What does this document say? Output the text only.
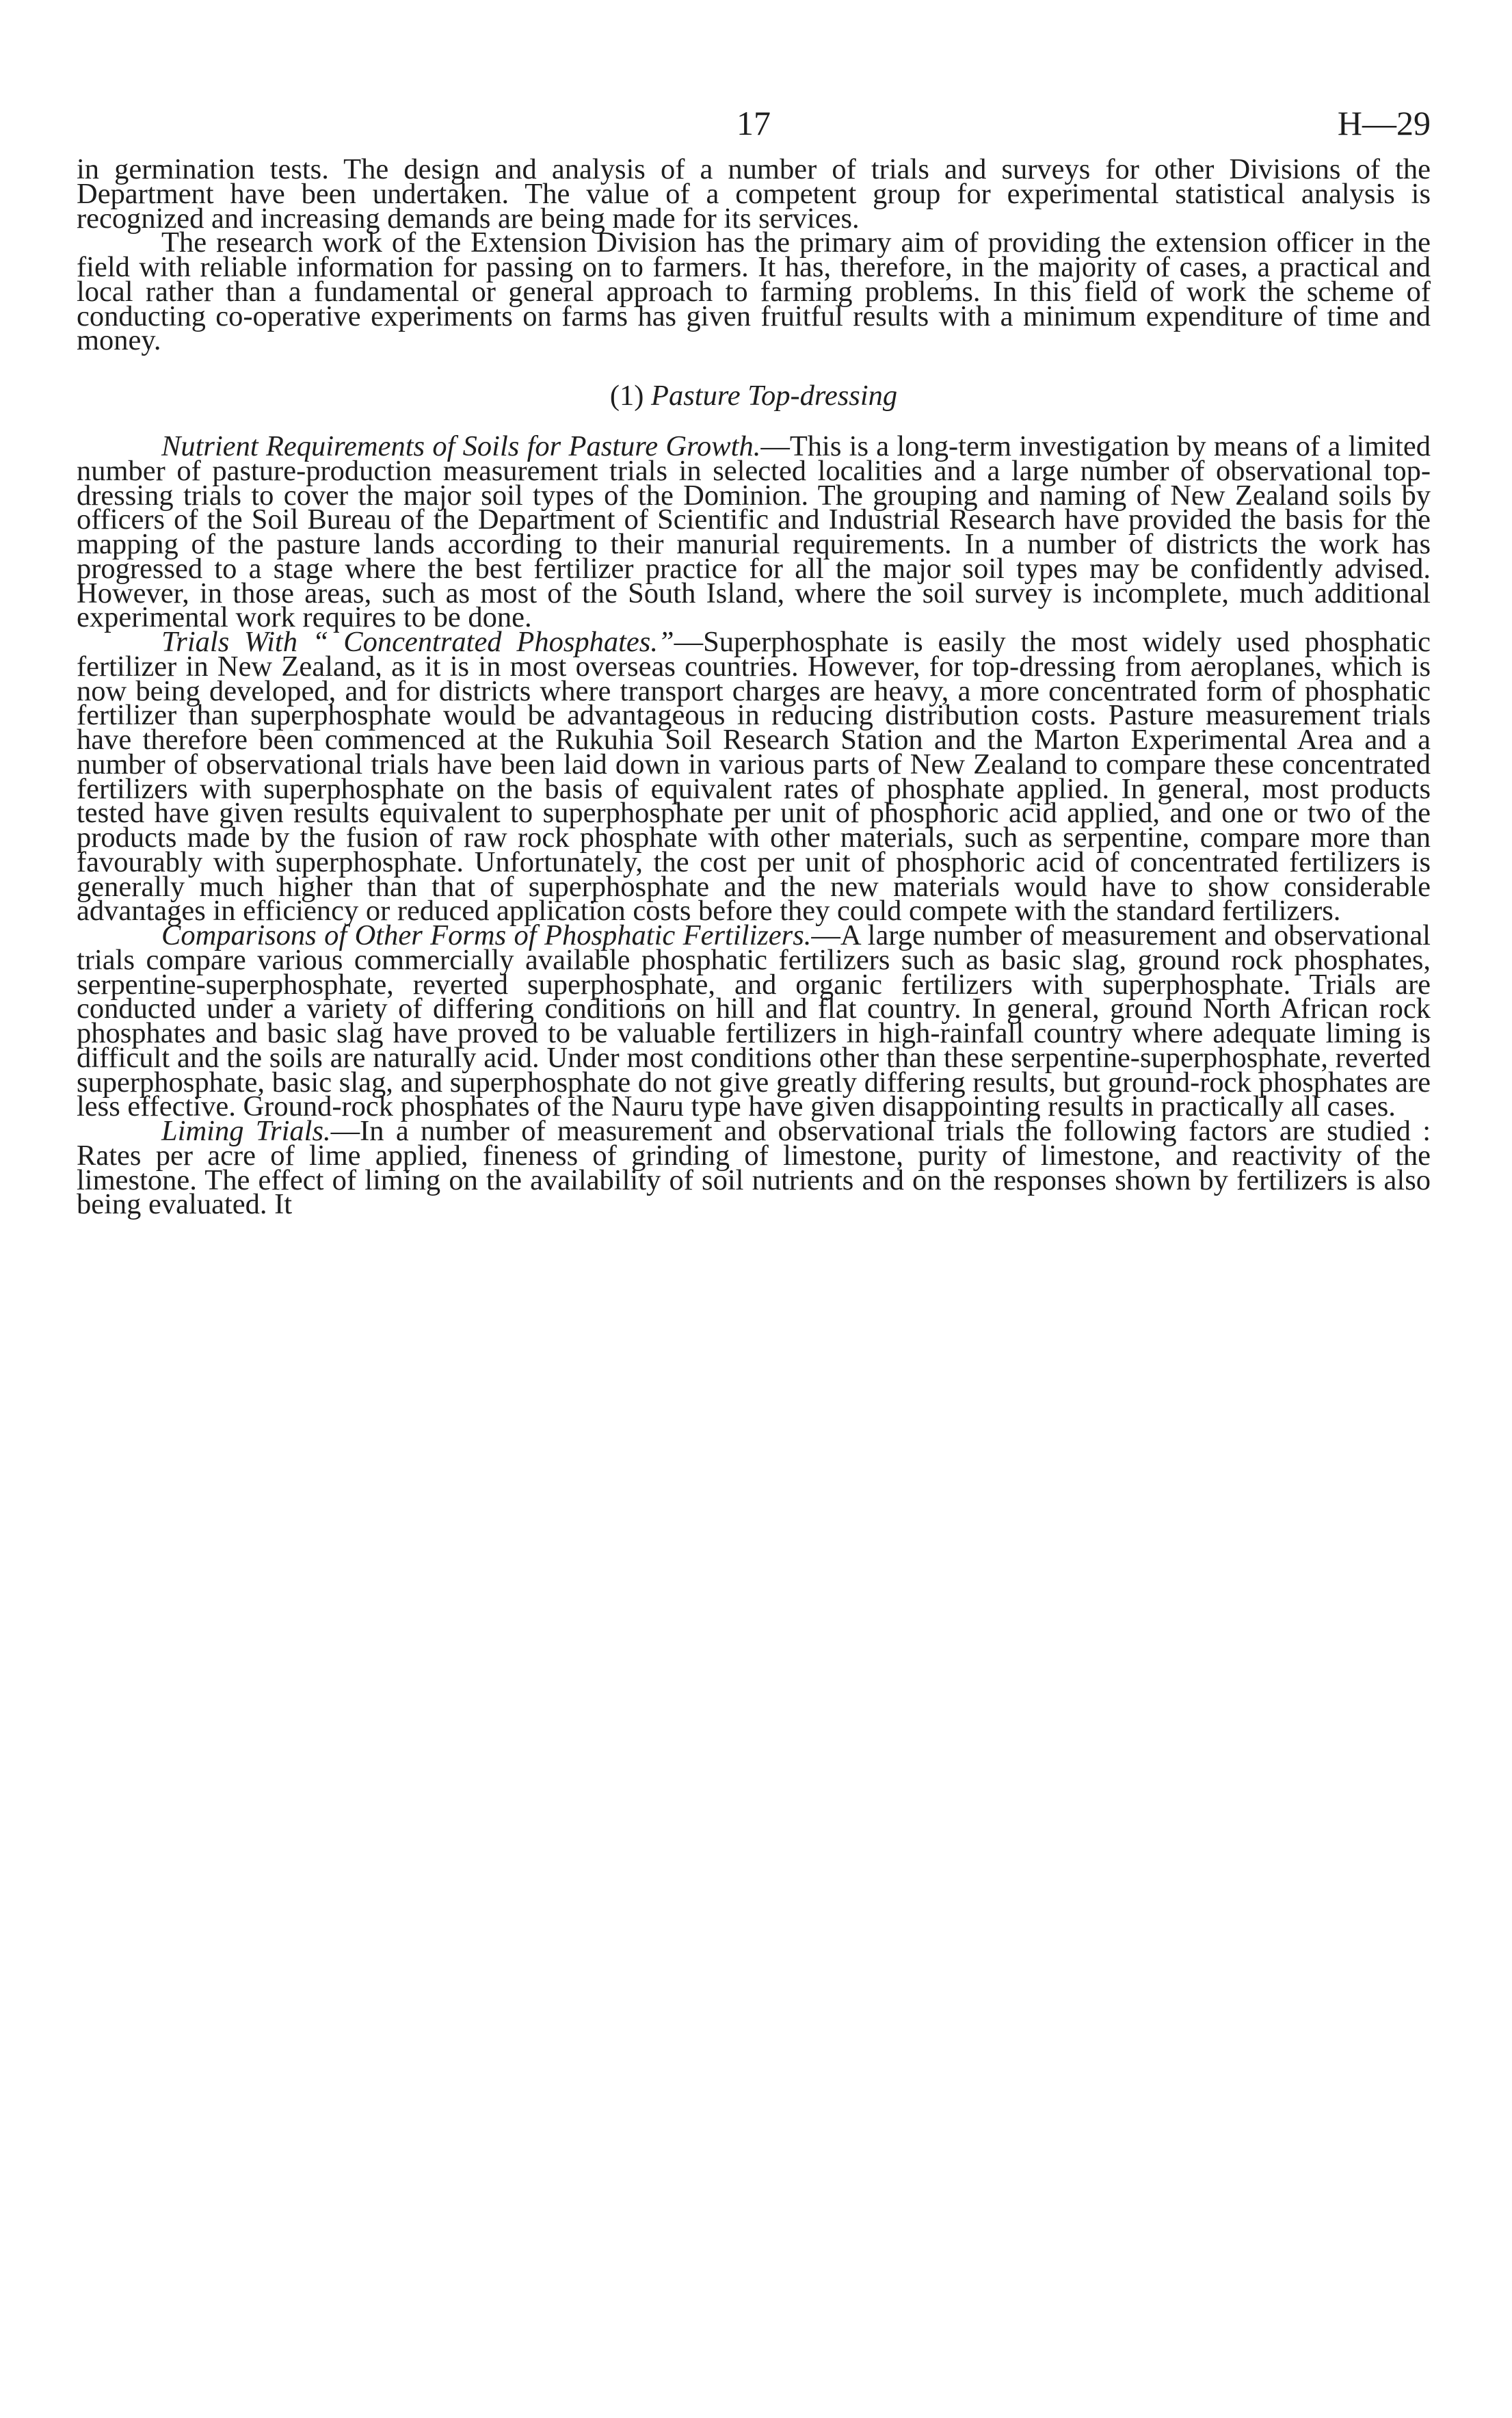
17	H—29

in germination tests. The design and analysis of a number of trials and surveys for other Divisions of the Department have been undertaken. The value of a competent group for experimental statistical analysis is recognized and increasing demands are being made for its services.

The research work of the Extension Division has the primary aim of providing the extension officer in the field with reliable information for passing on to farmers. It has, therefore, in the majority of cases, a practical and local rather than a fundamental or general approach to farming problems. In this field of work the scheme of conducting co-operative experiments on farms has given fruitful results with a minimum expenditure of time and money.

(1) Pasture Top-dressing

Nutrient Requirements of Soils for Pasture Growth.—This is a long-term investigation by means of a limited number of pasture-production measurement trials in selected localities and a large number of observational top-dressing trials to cover the major soil types of the Dominion. The grouping and naming of New Zealand soils by officers of the Soil Bureau of the Department of Scientific and Industrial Research have provided the basis for the mapping of the pasture lands according to their manurial requirements. In a number of districts the work has progressed to a stage where the best fertilizer practice for all the major soil types may be confidently advised. However, in those areas, such as most of the South Island, where the soil survey is incomplete, much additional experimental work requires to be done.

Trials With “ Concentrated Phosphates.”—Superphosphate is easily the most widely used phosphatic fertilizer in New Zealand, as it is in most overseas countries. However, for top-dressing from aeroplanes, which is now being developed, and for districts where transport charges are heavy, a more concentrated form of phosphatic fertilizer than superphosphate would be advantageous in reducing distribution costs. Pasture measurement trials have therefore been commenced at the Rukuhia Soil Research Station and the Marton Experimental Area and a number of observational trials have been laid down in various parts of New Zealand to compare these concentrated fertilizers with superphosphate on the basis of equivalent rates of phosphate applied. In general, most products tested have given results equivalent to superphosphate per unit of phosphoric acid applied, and one or two of the products made by the fusion of raw rock phosphate with other materials, such as serpentine, compare more than favourably with superphosphate. Unfortunately, the cost per unit of phosphoric acid of concentrated fertilizers is generally much higher than that of superphosphate and the new materials would have to show considerable advantages in efficiency or reduced application costs before they could compete with the standard fertilizers.

Comparisons of Other Forms of Phosphatic Fertilizers.—A large number of measurement and observational trials compare various commercially available phosphatic fertilizers such as basic slag, ground rock phosphates, serpentine-superphosphate, reverted superphosphate, and organic fertilizers with superphosphate. Trials are conducted under a variety of differing conditions on hill and flat country. In general, ground North African rock phosphates and basic slag have proved to be valuable fertilizers in high-rainfall country where adequate liming is difficult and the soils are naturally acid. Under most conditions other than these serpentine-superphosphate, reverted superphosphate, basic slag, and superphosphate do not give greatly differing results, but ground-rock phosphates are less effective. Ground-rock phosphates of the Nauru type have given disappointing results in practically all cases.

Liming Trials.—In a number of measurement and observational trials the following factors are studied : Rates per acre of lime applied, fineness of grinding of limestone, purity of limestone, and reactivity of the limestone. The effect of liming on the availability of soil nutrients and on the responses shown by fertilizers is also being evaluated. It
